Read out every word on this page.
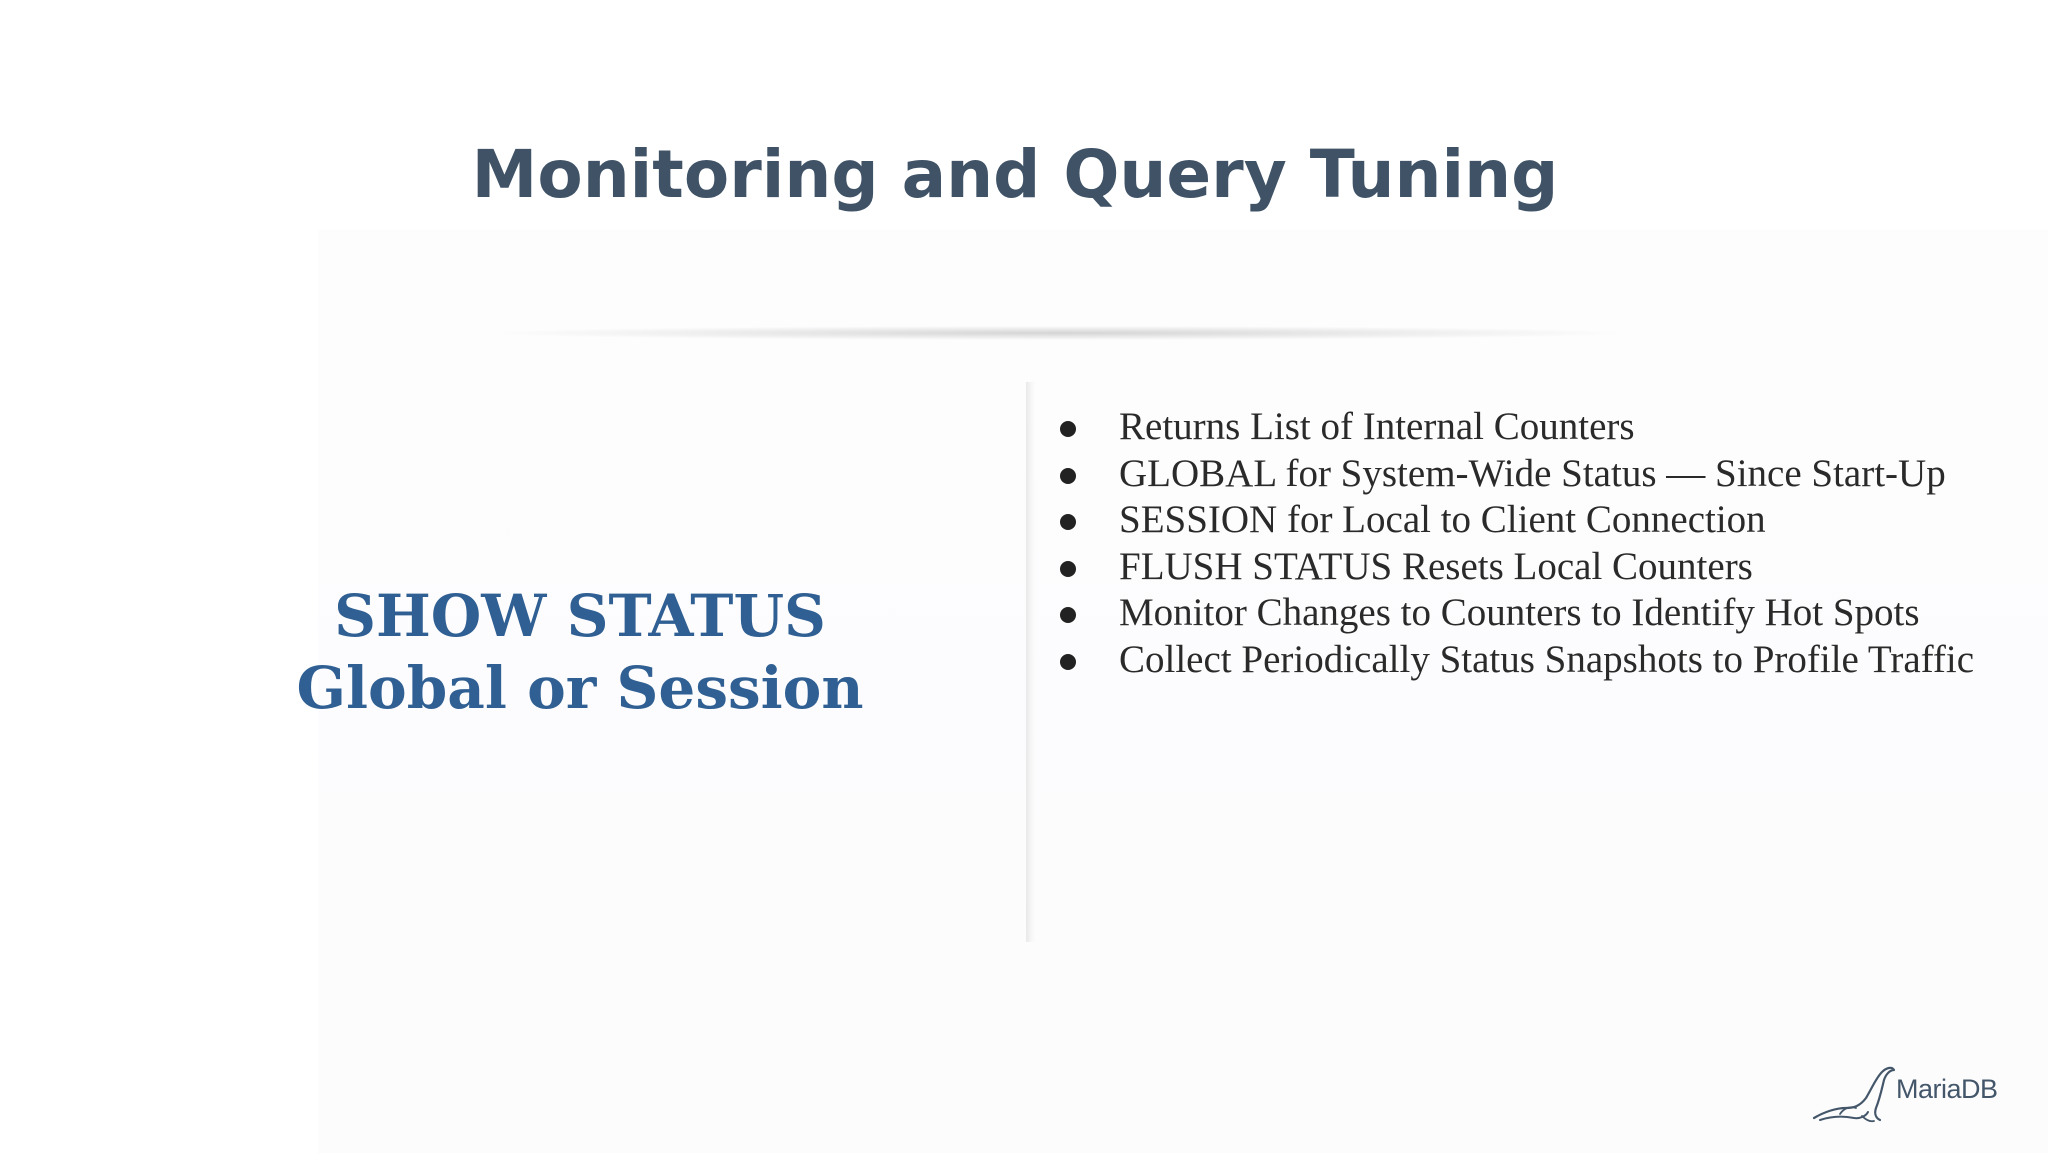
Monitoring and Query Tuning
SHOW STATUS
Global or Session
Returns List of Internal Counters
GLOBAL for System-Wide Status — Since Start-Up
SESSION for Local to Client Connection
FLUSH STATUS Resets Local Counters
Monitor Changes to Counters to Identify Hot Spots
Collect Periodically Status Snapshots to Profile Traffic
MariaDB
